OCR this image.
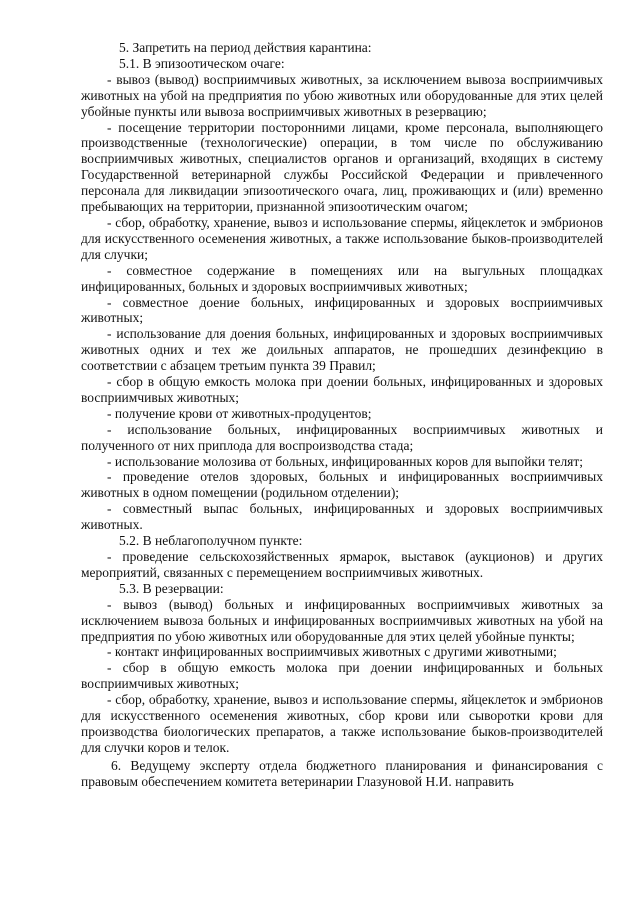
5. Запретить на период действия карантина:

5.1. В эпизоотическом очаге:

- вывоз (вывод) восприимчивых животных, за исключением вывоза восприимчивых животных на убой на предприятия по убою животных или оборудованные для этих целей убойные пункты или вывоза восприимчивых животных в резервацию;

- посещение территории посторонними лицами, кроме персонала, выполняющего производственные (технологические) операции, в том числе по обслуживанию восприимчивых животных, специалистов органов и организаций, входящих в систему Государственной ветеринарной службы Российской Федерации и привлеченного персонала для ликвидации эпизоотического очага, лиц, проживающих и (или) временно пребывающих на территории, признанной эпизоотическим очагом;

- сбор, обработку, хранение, вывоз и использование спермы, яйцеклеток и эмбрионов для искусственного осеменения животных, а также использование быков-производителей для случки;

- совместное содержание в помещениях или на выгульных площадках инфицированных, больных и здоровых восприимчивых животных;

- совместное доение больных, инфицированных и здоровых восприимчивых животных;

- использование для доения больных, инфицированных и здоровых восприимчивых животных одних и тех же доильных аппаратов, не прошедших дезинфекцию в соответствии с абзацем третьим пункта 39 Правил;

- сбор в общую емкость молока при доении больных, инфицированных и здоровых восприимчивых животных;

- получение крови от животных-продуцентов;

- использование больных, инфицированных восприимчивых животных и полученного от них приплода для воспроизводства стада;

- использование молозива от больных, инфицированных коров для выпойки телят;

- проведение отелов здоровых, больных и инфицированных восприимчивых животных в одном помещении (родильном отделении);

- совместный выпас больных, инфицированных и здоровых восприимчивых животных.

5.2. В неблагополучном пункте:

- проведение сельскохозяйственных ярмарок, выставок (аукционов) и других мероприятий, связанных с перемещением восприимчивых животных.

5.3. В резервации:

- вывоз (вывод) больных и инфицированных восприимчивых животных за исключением вывоза больных и инфицированных восприимчивых животных на убой на предприятия по убою животных или оборудованные для этих целей убойные пункты;

- контакт инфицированных восприимчивых животных с другими животными;

- сбор в общую емкость молока при доении инфицированных и больных восприимчивых животных;

- сбор, обработку, хранение, вывоз и использование спермы, яйцеклеток и эмбрионов для искусственного осеменения животных, сбор крови или сыворотки крови для производства биологических препаратов, а также использование быков-производителей для случки коров и телок.

6. Ведущему эксперту отдела бюджетного планирования и финансирования с правовым обеспечением комитета ветеринарии Глазуновой Н.И. направить
